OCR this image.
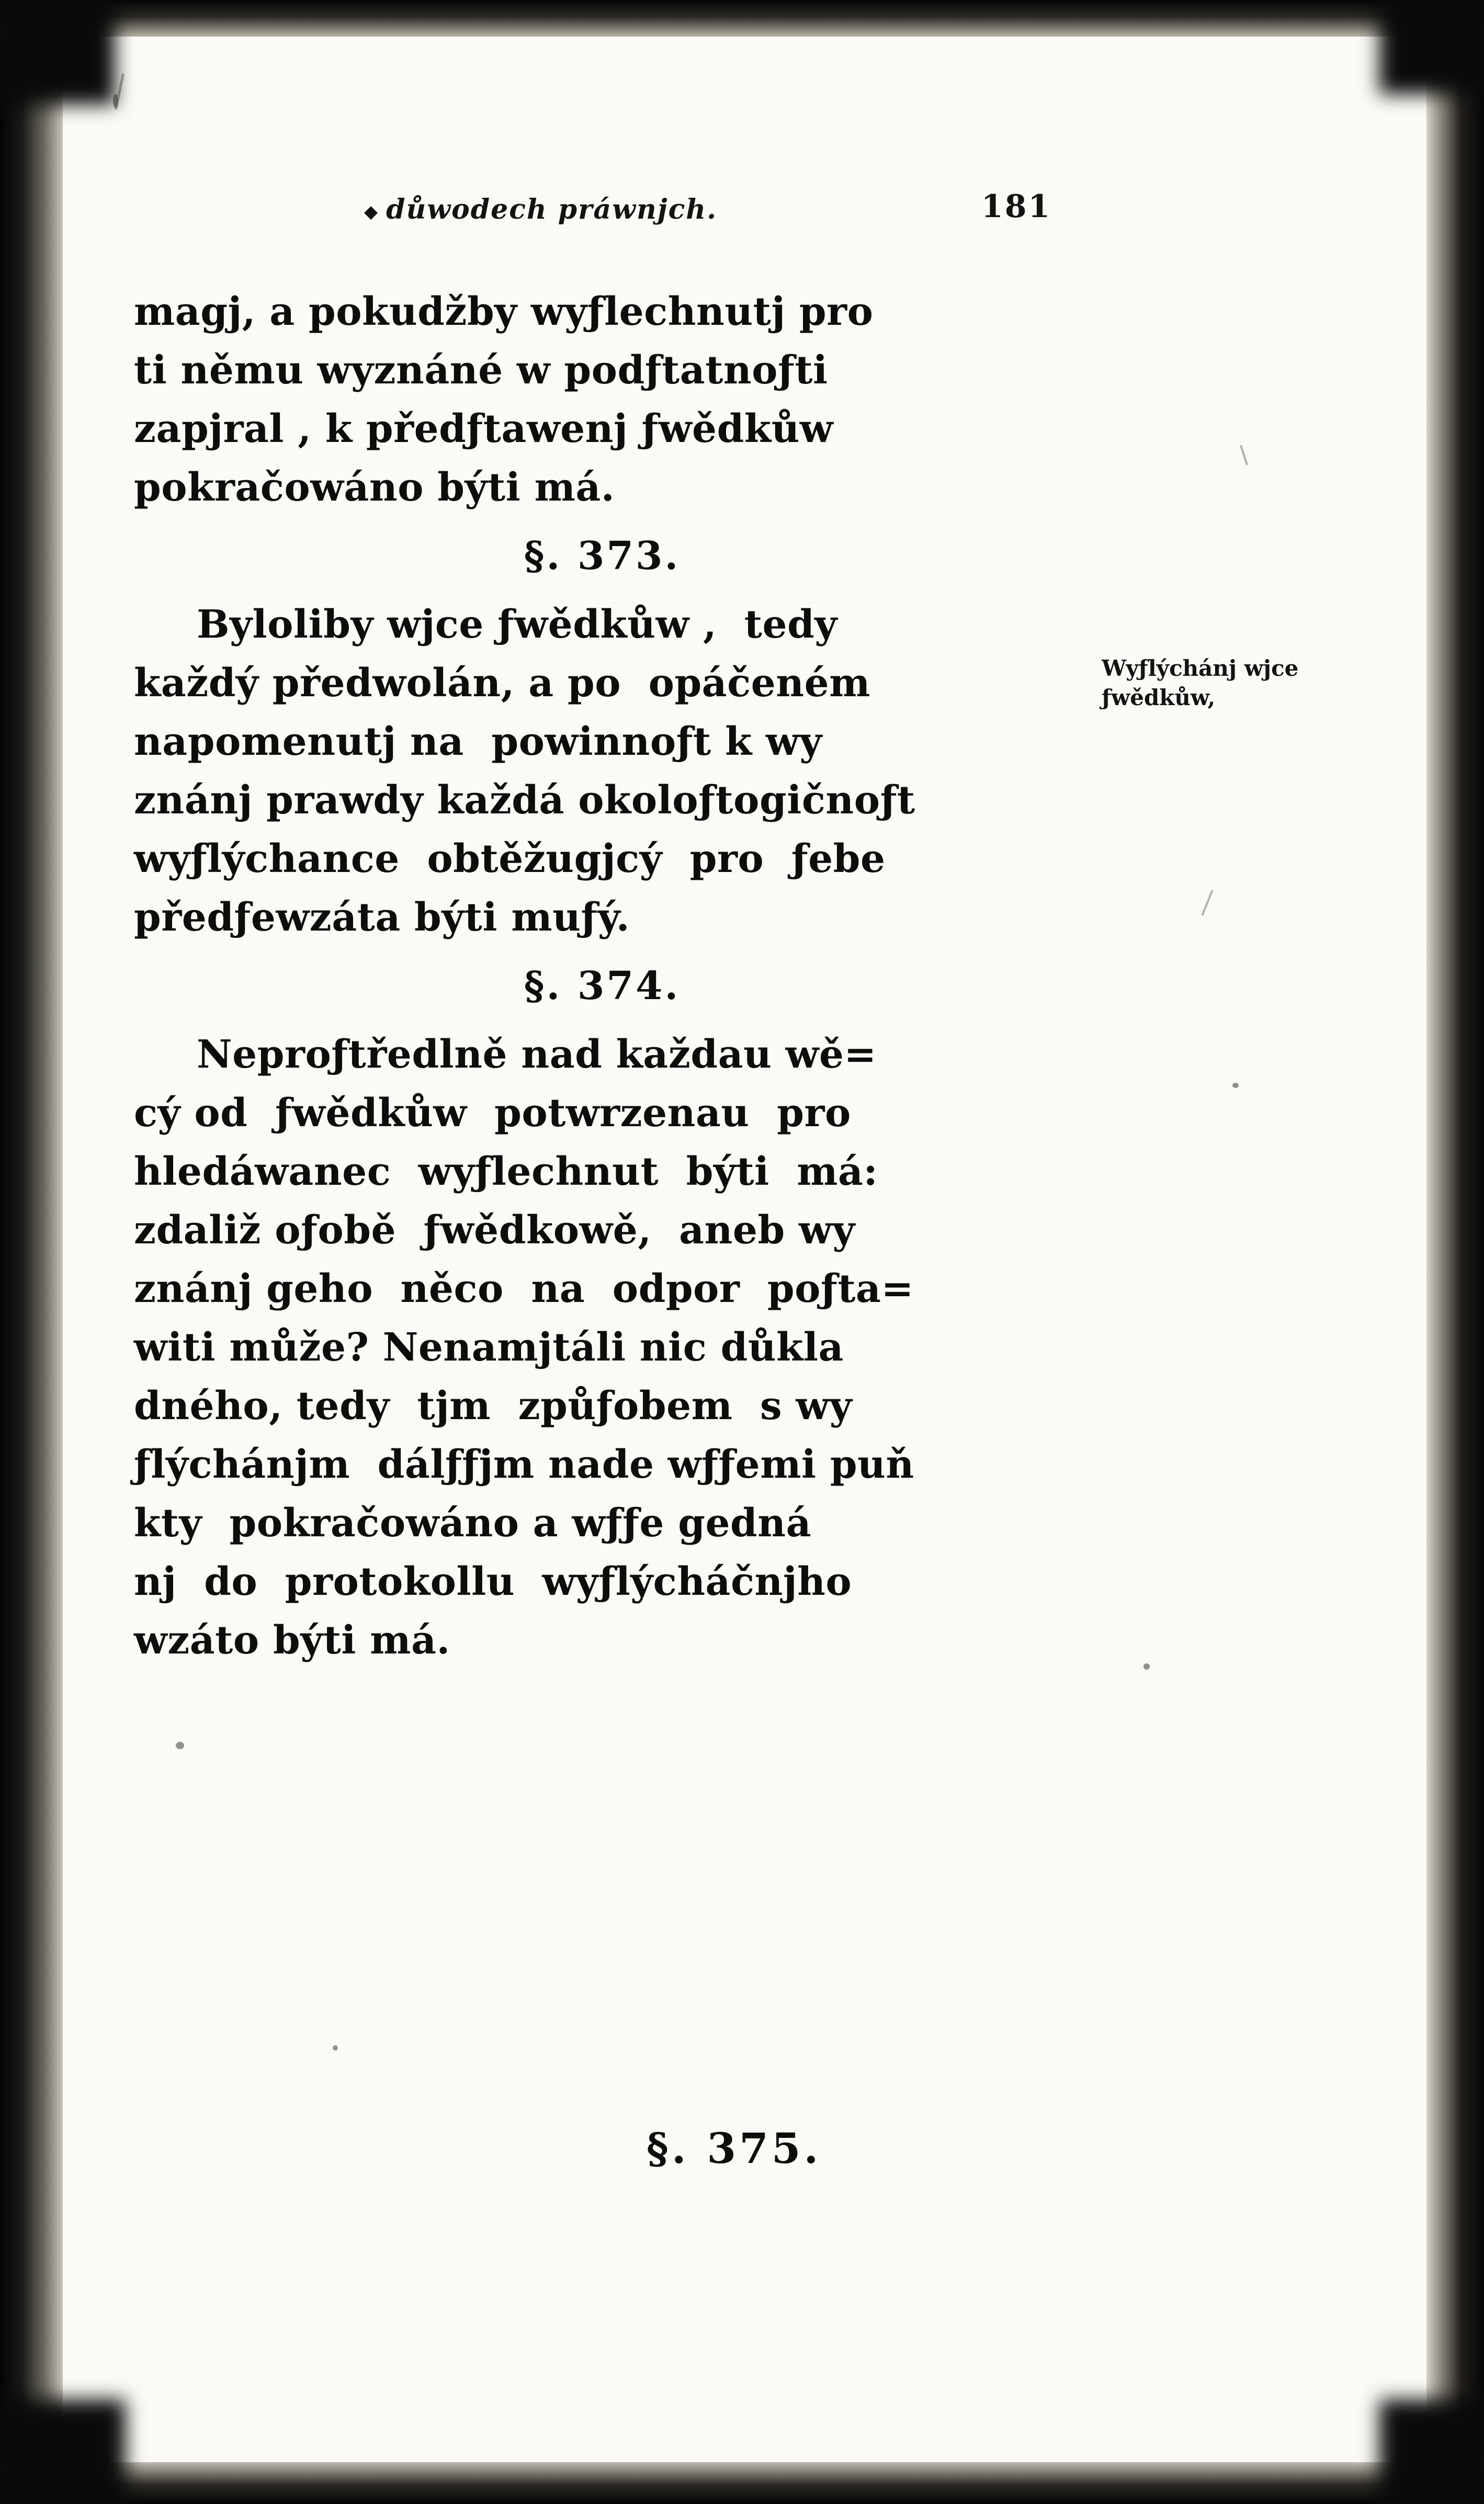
◆ důwodech práwnjch.	181
magj, a pokudžby wyƒlechnutj pro
ti němu wyznáné w podƒtatnoƒti
zapjral , k předƒtawenj ƒwědkůw
pokračowáno býti má.
§. 373.
Byloliby wjce ƒwědkůw ,  tedy
každý předwolán, a po  opáčeném
napomenutj na  powinnoƒt k wy
znánj prawdy každá okoloƒtogičnoƒt
wyƒlýchance  obtěžugjcý  pro  ƒebe
předƒewzáta býti muƒý.
§. 374.
Neproƒtředlně nad každau wě=
cý od  ƒwědkůw  potwrzenau  pro
hledáwanec  wyƒlechnut  býti  má:
zdaliž oƒobě  ƒwědkowě,  aneb wy
znánj geho  něco  na  odpor  poƒta=
witi může? Nenamjtáli nic důkla
dného, tedy  tjm  způƒobem  s wy
ƒlýchánjm  dálƒƒjm nade wƒƒemi puň
kty  pokračowáno a wƒƒe gedná
nj  do  protokollu  wyƒlýcháčnjho
wzáto býti má.
Wyƒlýchánj wjce ƒwědkůw,
§. 375.
